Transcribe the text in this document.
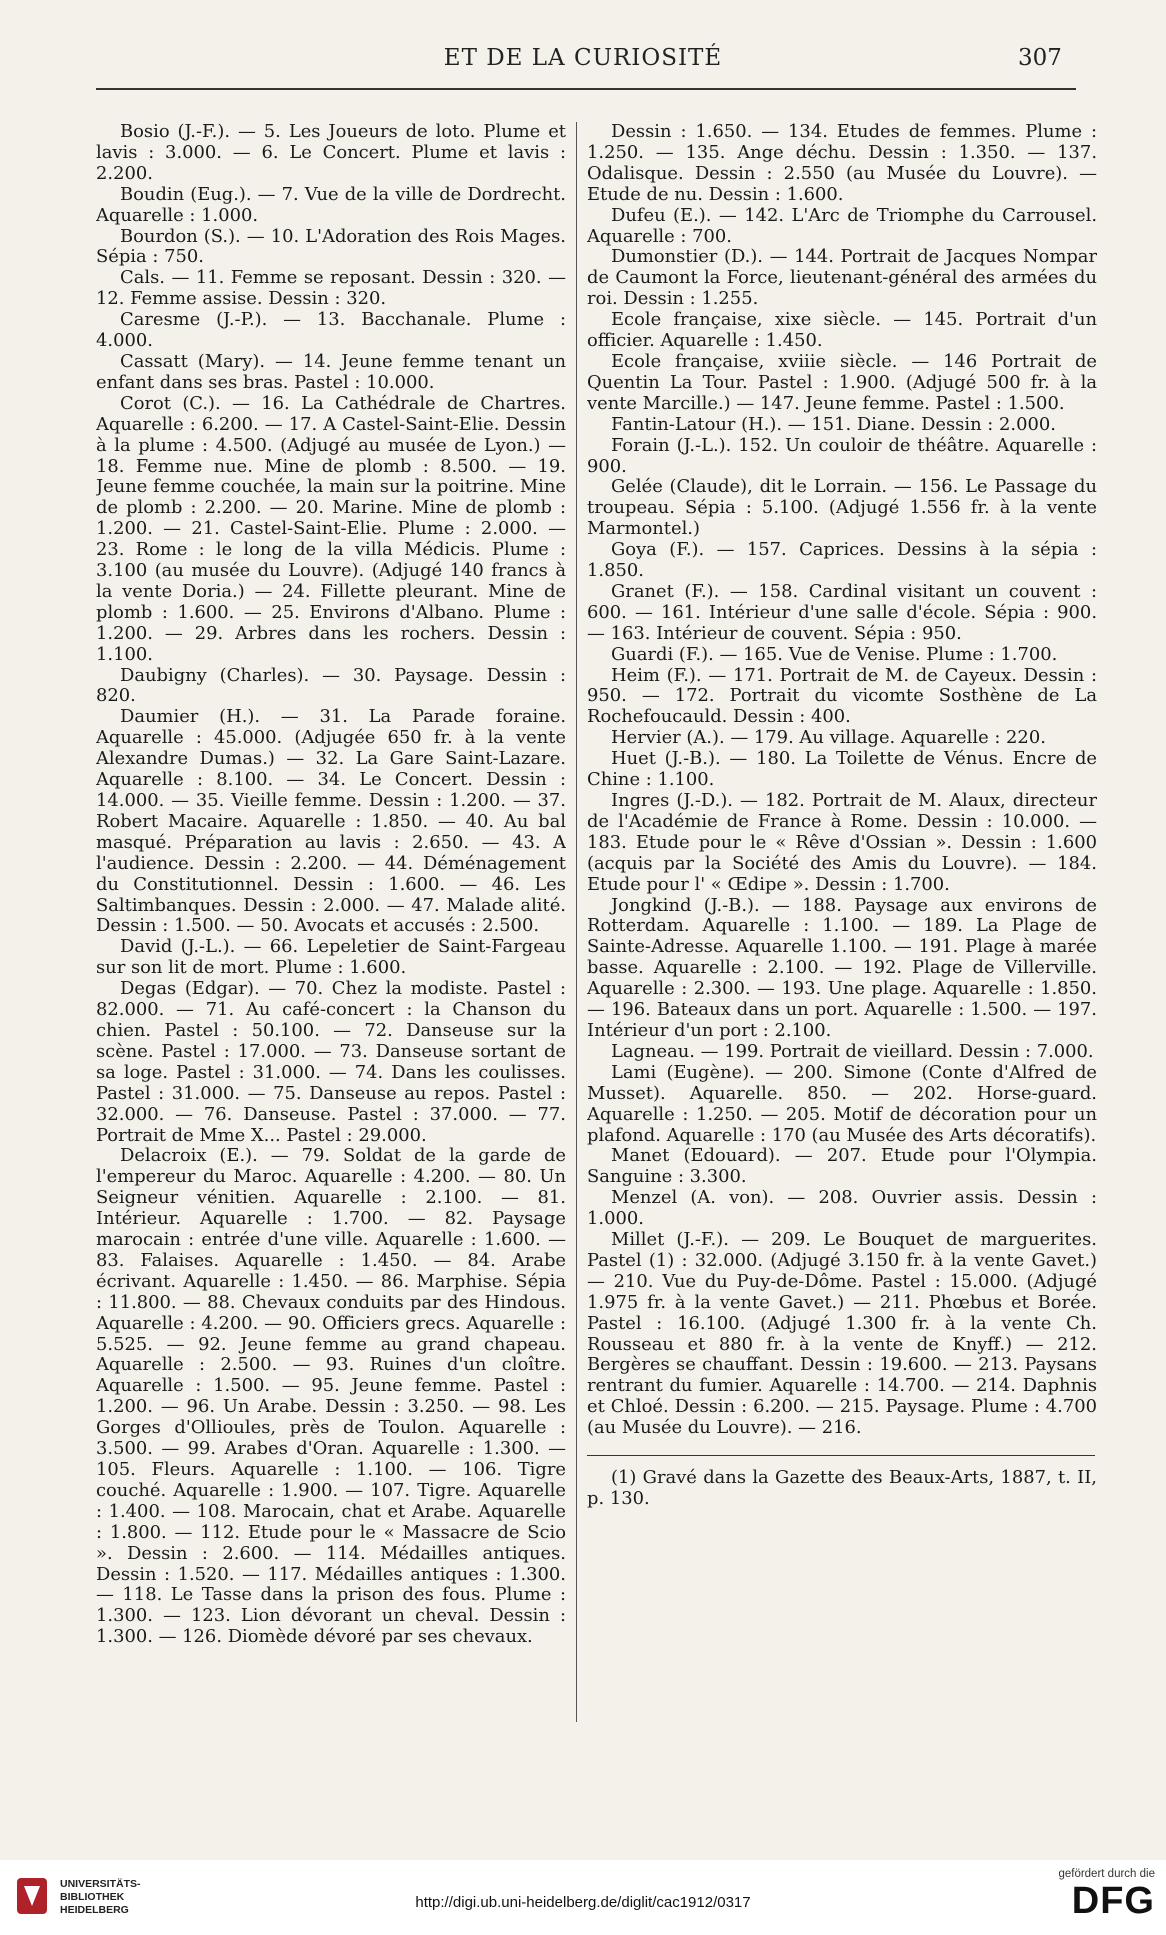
ET DE LA CURIOSITÉ	307

Bosio (J.-F.). — 5. Les Joueurs de loto. Plume et lavis : 3.000. — 6. Le Concert. Plume et lavis : 2.200.

Boudin (Eug.). — 7. Vue de la ville de Dordrecht. Aquarelle : 1.000.

Bourdon (S.). — 10. L'Adoration des Rois Mages. Sépia : 750.

Cals. — 11. Femme se reposant. Dessin : 320. — 12. Femme assise. Dessin : 320.

Caresme (J.-P.). — 13. Bacchanale. Plume : 4.000.

Cassatt (Mary). — 14. Jeune femme tenant un enfant dans ses bras. Pastel : 10.000.

Corot (C.). — 16. La Cathédrale de Chartres. Aquarelle : 6.200. — 17. A Castel-Saint-Elie. Dessin à la plume : 4.500. (Adjugé au musée de Lyon.) — 18. Femme nue. Mine de plomb : 8.500. — 19. Jeune femme couchée, la main sur la poitrine. Mine de plomb : 2.200. — 20. Marine. Mine de plomb : 1.200. — 21. Castel-Saint-Elie. Plume : 2.000. — 23. Rome : le long de la villa Médicis. Plume : 3.100 (au musée du Louvre). (Adjugé 140 francs à la vente Doria.) — 24. Fillette pleurant. Mine de plomb : 1.600. — 25. Environs d'Albano. Plume : 1.200. — 29. Arbres dans les rochers. Dessin : 1.100.

Daubigny (Charles). — 30. Paysage. Dessin : 820.

Daumier (H.). — 31. La Parade foraine. Aquarelle : 45.000. (Adjugée 650 fr. à la vente Alexandre Dumas.) — 32. La Gare Saint-Lazare. Aquarelle : 8.100. — 34. Le Concert. Dessin : 14.000. — 35. Vieille femme. Dessin : 1.200. — 37. Robert Macaire. Aquarelle : 1.850. — 40. Au bal masqué. Préparation au lavis : 2.650. — 43. A l'audience. Dessin : 2.200. — 44. Déménagement du Constitutionnel. Dessin : 1.600. — 46. Les Saltimbanques. Dessin : 2.000. — 47. Malade alité. Dessin : 1.500. — 50. Avocats et accusés : 2.500.

David (J.-L.). — 66. Lepeletier de Saint-Fargeau sur son lit de mort. Plume : 1.600.

Degas (Edgar). — 70. Chez la modiste. Pastel : 82.000. — 71. Au café-concert : la Chanson du chien. Pastel : 50.100. — 72. Danseuse sur la scène. Pastel : 17.000. — 73. Danseuse sortant de sa loge. Pastel : 31.000. — 74. Dans les coulisses. Pastel : 31.000. — 75. Danseuse au repos. Pastel : 32.000. — 76. Danseuse. Pastel : 37.000. — 77. Portrait de Mme X... Pastel : 29.000.

Delacroix (E.). — 79. Soldat de la garde de l'empereur du Maroc. Aquarelle : 4.200. — 80. Un Seigneur vénitien. Aquarelle : 2.100. — 81. Intérieur. Aquarelle : 1.700. — 82. Paysage marocain : entrée d'une ville. Aquarelle : 1.600. — 83. Falaises. Aquarelle : 1.450. — 84. Arabe écrivant. Aquarelle : 1.450. — 86. Marphise. Sépia : 11.800. — 88. Chevaux conduits par des Hindous. Aquarelle : 4.200. — 90. Officiers grecs. Aquarelle : 5.525. — 92. Jeune femme au grand chapeau. Aquarelle : 2.500. — 93. Ruines d'un cloître. Aquarelle : 1.500. — 95. Jeune femme. Pastel : 1.200. — 96. Un Arabe. Dessin : 3.250. — 98. Les Gorges d'Ollioules, près de Toulon. Aquarelle : 3.500. — 99. Arabes d'Oran. Aquarelle : 1.300. — 105. Fleurs. Aquarelle : 1.100. — 106. Tigre couché. Aquarelle : 1.900. — 107. Tigre. Aquarelle : 1.400. — 108. Marocain, chat et Arabe. Aquarelle : 1.800. — 112. Etude pour le « Massacre de Scio ». Dessin : 2.600. — 114. Médailles antiques. Dessin : 1.520. — 117. Médailles antiques : 1.300. — 118. Le Tasse dans la prison des fous. Plume : 1.300. — 123. Lion dévorant un cheval. Dessin : 1.300. — 126. Diomède dévoré par ses chevaux.

Dessin : 1.650. — 134. Etudes de femmes. Plume : 1.250. — 135. Ange déchu. Dessin : 1.350. — 137. Odalisque. Dessin : 2.550 (au Musée du Louvre). — Etude de nu. Dessin : 1.600.

Dufeu (E.). — 142. L'Arc de Triomphe du Carrousel. Aquarelle : 700.

Dumonstier (D.). — 144. Portrait de Jacques Nompar de Caumont la Force, lieutenant-général des armées du roi. Dessin : 1.255.

Ecole française, xixe siècle. — 145. Portrait d'un officier. Aquarelle : 1.450.

Ecole française, xviiie siècle. — 146 Portrait de Quentin La Tour. Pastel : 1.900. (Adjugé 500 fr. à la vente Marcille.) — 147. Jeune femme. Pastel : 1.500.

Fantin-Latour (H.). — 151. Diane. Dessin : 2.000.

Forain (J.-L.). 152. Un couloir de théâtre. Aquarelle : 900.

Gelée (Claude), dit le Lorrain. — 156. Le Passage du troupeau. Sépia : 5.100. (Adjugé 1.556 fr. à la vente Marmontel.)

Goya (F.). — 157. Caprices. Dessins à la sépia : 1.850.

Granet (F.). — 158. Cardinal visitant un couvent : 600. — 161. Intérieur d'une salle d'école. Sépia : 900. — 163. Intérieur de couvent. Sépia : 950.

Guardi (F.). — 165. Vue de Venise. Plume : 1.700.

Heim (F.). — 171. Portrait de M. de Cayeux. Dessin : 950. — 172. Portrait du vicomte Sosthène de La Rochefoucauld. Dessin : 400.

Hervier (A.). — 179. Au village. Aquarelle : 220.

Huet (J.-B.). — 180. La Toilette de Vénus. Encre de Chine : 1.100.

Ingres (J.-D.). — 182. Portrait de M. Alaux, directeur de l'Académie de France à Rome. Dessin : 10.000. — 183. Etude pour le « Rêve d'Ossian ». Dessin : 1.600 (acquis par la Société des Amis du Louvre). — 184. Etude pour l' « Œdipe ». Dessin : 1.700.

Jongkind (J.-B.). — 188. Paysage aux environs de Rotterdam. Aquarelle : 1.100. — 189. La Plage de Sainte-Adresse. Aquarelle 1.100. — 191. Plage à marée basse. Aquarelle : 2.100. — 192. Plage de Villerville. Aquarelle : 2.300. — 193. Une plage. Aquarelle : 1.850. — 196. Bateaux dans un port. Aquarelle : 1.500. — 197. Intérieur d'un port : 2.100.

Lagneau. — 199. Portrait de vieillard. Dessin : 7.000.

Lami (Eugène). — 200. Simone (Conte d'Alfred de Musset). Aquarelle. 850. — 202. Horse-guard. Aquarelle : 1.250. — 205. Motif de décoration pour un plafond. Aquarelle : 170 (au Musée des Arts décoratifs).

Manet (Edouard). — 207. Etude pour l'Olympia. Sanguine : 3.300.

Menzel (A. von). — 208. Ouvrier assis. Dessin : 1.000.

Millet (J.-F.). — 209. Le Bouquet de marguerites. Pastel (1) : 32.000. (Adjugé 3.150 fr. à la vente Gavet.) — 210. Vue du Puy-de-Dôme. Pastel : 15.000. (Adjugé 1.975 fr. à la vente Gavet.) — 211. Phœbus et Borée. Pastel : 16.100. (Adjugé 1.300 fr. à la vente Ch. Rousseau et 880 fr. à la vente de Knyff.) — 212. Bergères se chauffant. Dessin : 19.600. — 213. Paysans rentrant du fumier. Aquarelle : 14.700. — 214. Daphnis et Chloé. Dessin : 6.200. — 215. Paysage. Plume : 4.700 (au Musée du Louvre). — 216.

(1) Gravé dans la Gazette des Beaux-Arts, 1887, t. II, p. 130.

UNIVERSITÄTS-
BIBLIOTHEK
HEIDELBERG	http://digi.ub.uni-heidelberg.de/diglit/cac1912/0317
gefördert durch die
DFG
